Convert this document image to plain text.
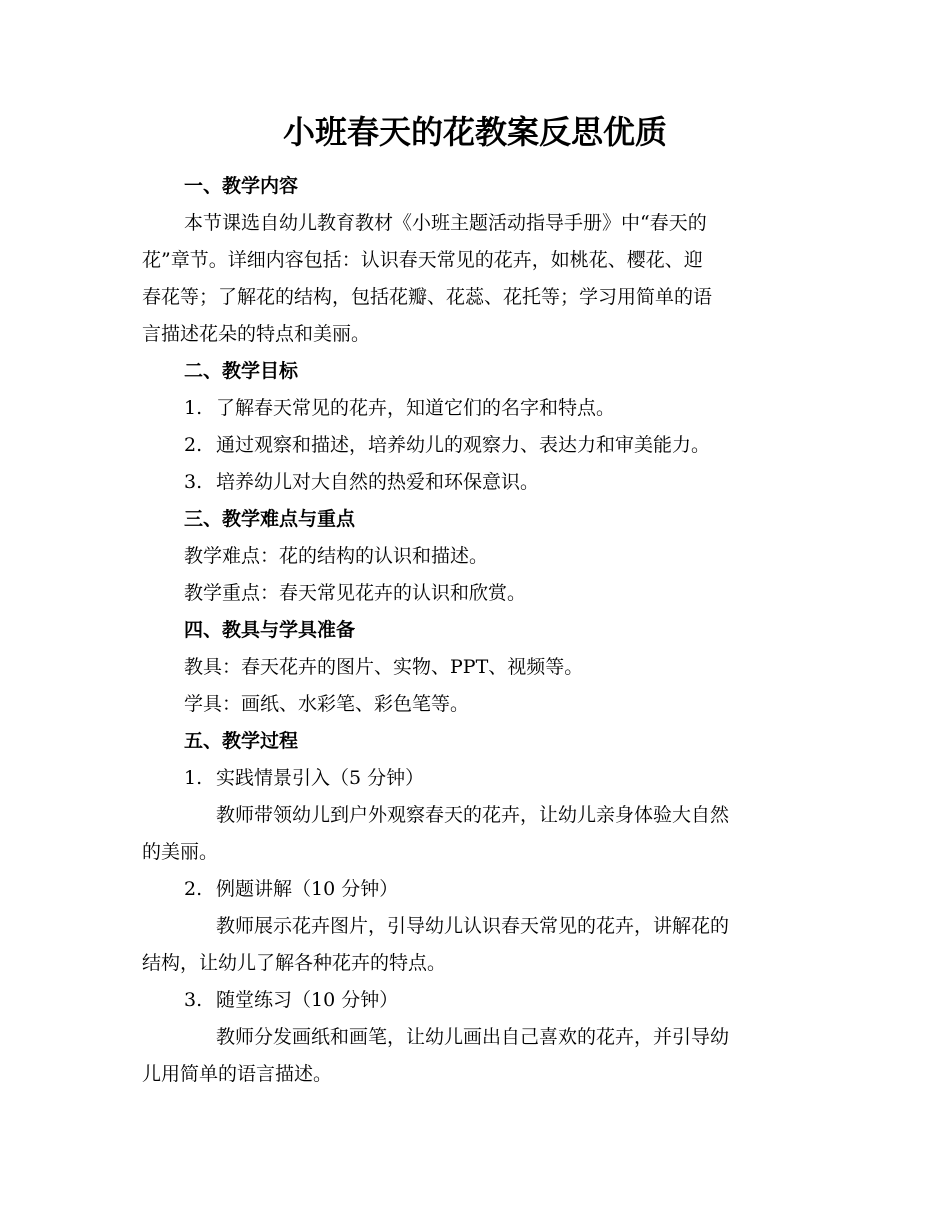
小班春天的花教案反思优质

一、教学内容

本节课选自幼儿教育教材《小班主题活动指导手册》中“春天的

花”章节。详细内容包括：认识春天常见的花卉，如桃花、樱花、迎

春花等；了解花的结构，包括花瓣、花蕊、花托等；学习用简单的语

言描述花朵的特点和美丽。

二、教学目标

1. 了解春天常见的花卉，知道它们的名字和特点。

2. 通过观察和描述，培养幼儿的观察力、表达力和审美能力。

3. 培养幼儿对大自然的热爱和环保意识。

三、教学难点与重点

教学难点：花的结构的认识和描述。

教学重点：春天常见花卉的认识和欣赏。

四、教具与学具准备

教具：春天花卉的图片、实物、PPT、视频等。

学具：画纸、水彩笔、彩色笔等。

五、教学过程

1. 实践情景引入（5 分钟）

教师带领幼儿到户外观察春天的花卉，让幼儿亲身体验大自然

的美丽。

2. 例题讲解（10 分钟）

教师展示花卉图片，引导幼儿认识春天常见的花卉，讲解花的

结构，让幼儿了解各种花卉的特点。

3. 随堂练习（10 分钟）

教师分发画纸和画笔，让幼儿画出自己喜欢的花卉，并引导幼

儿用简单的语言描述。
